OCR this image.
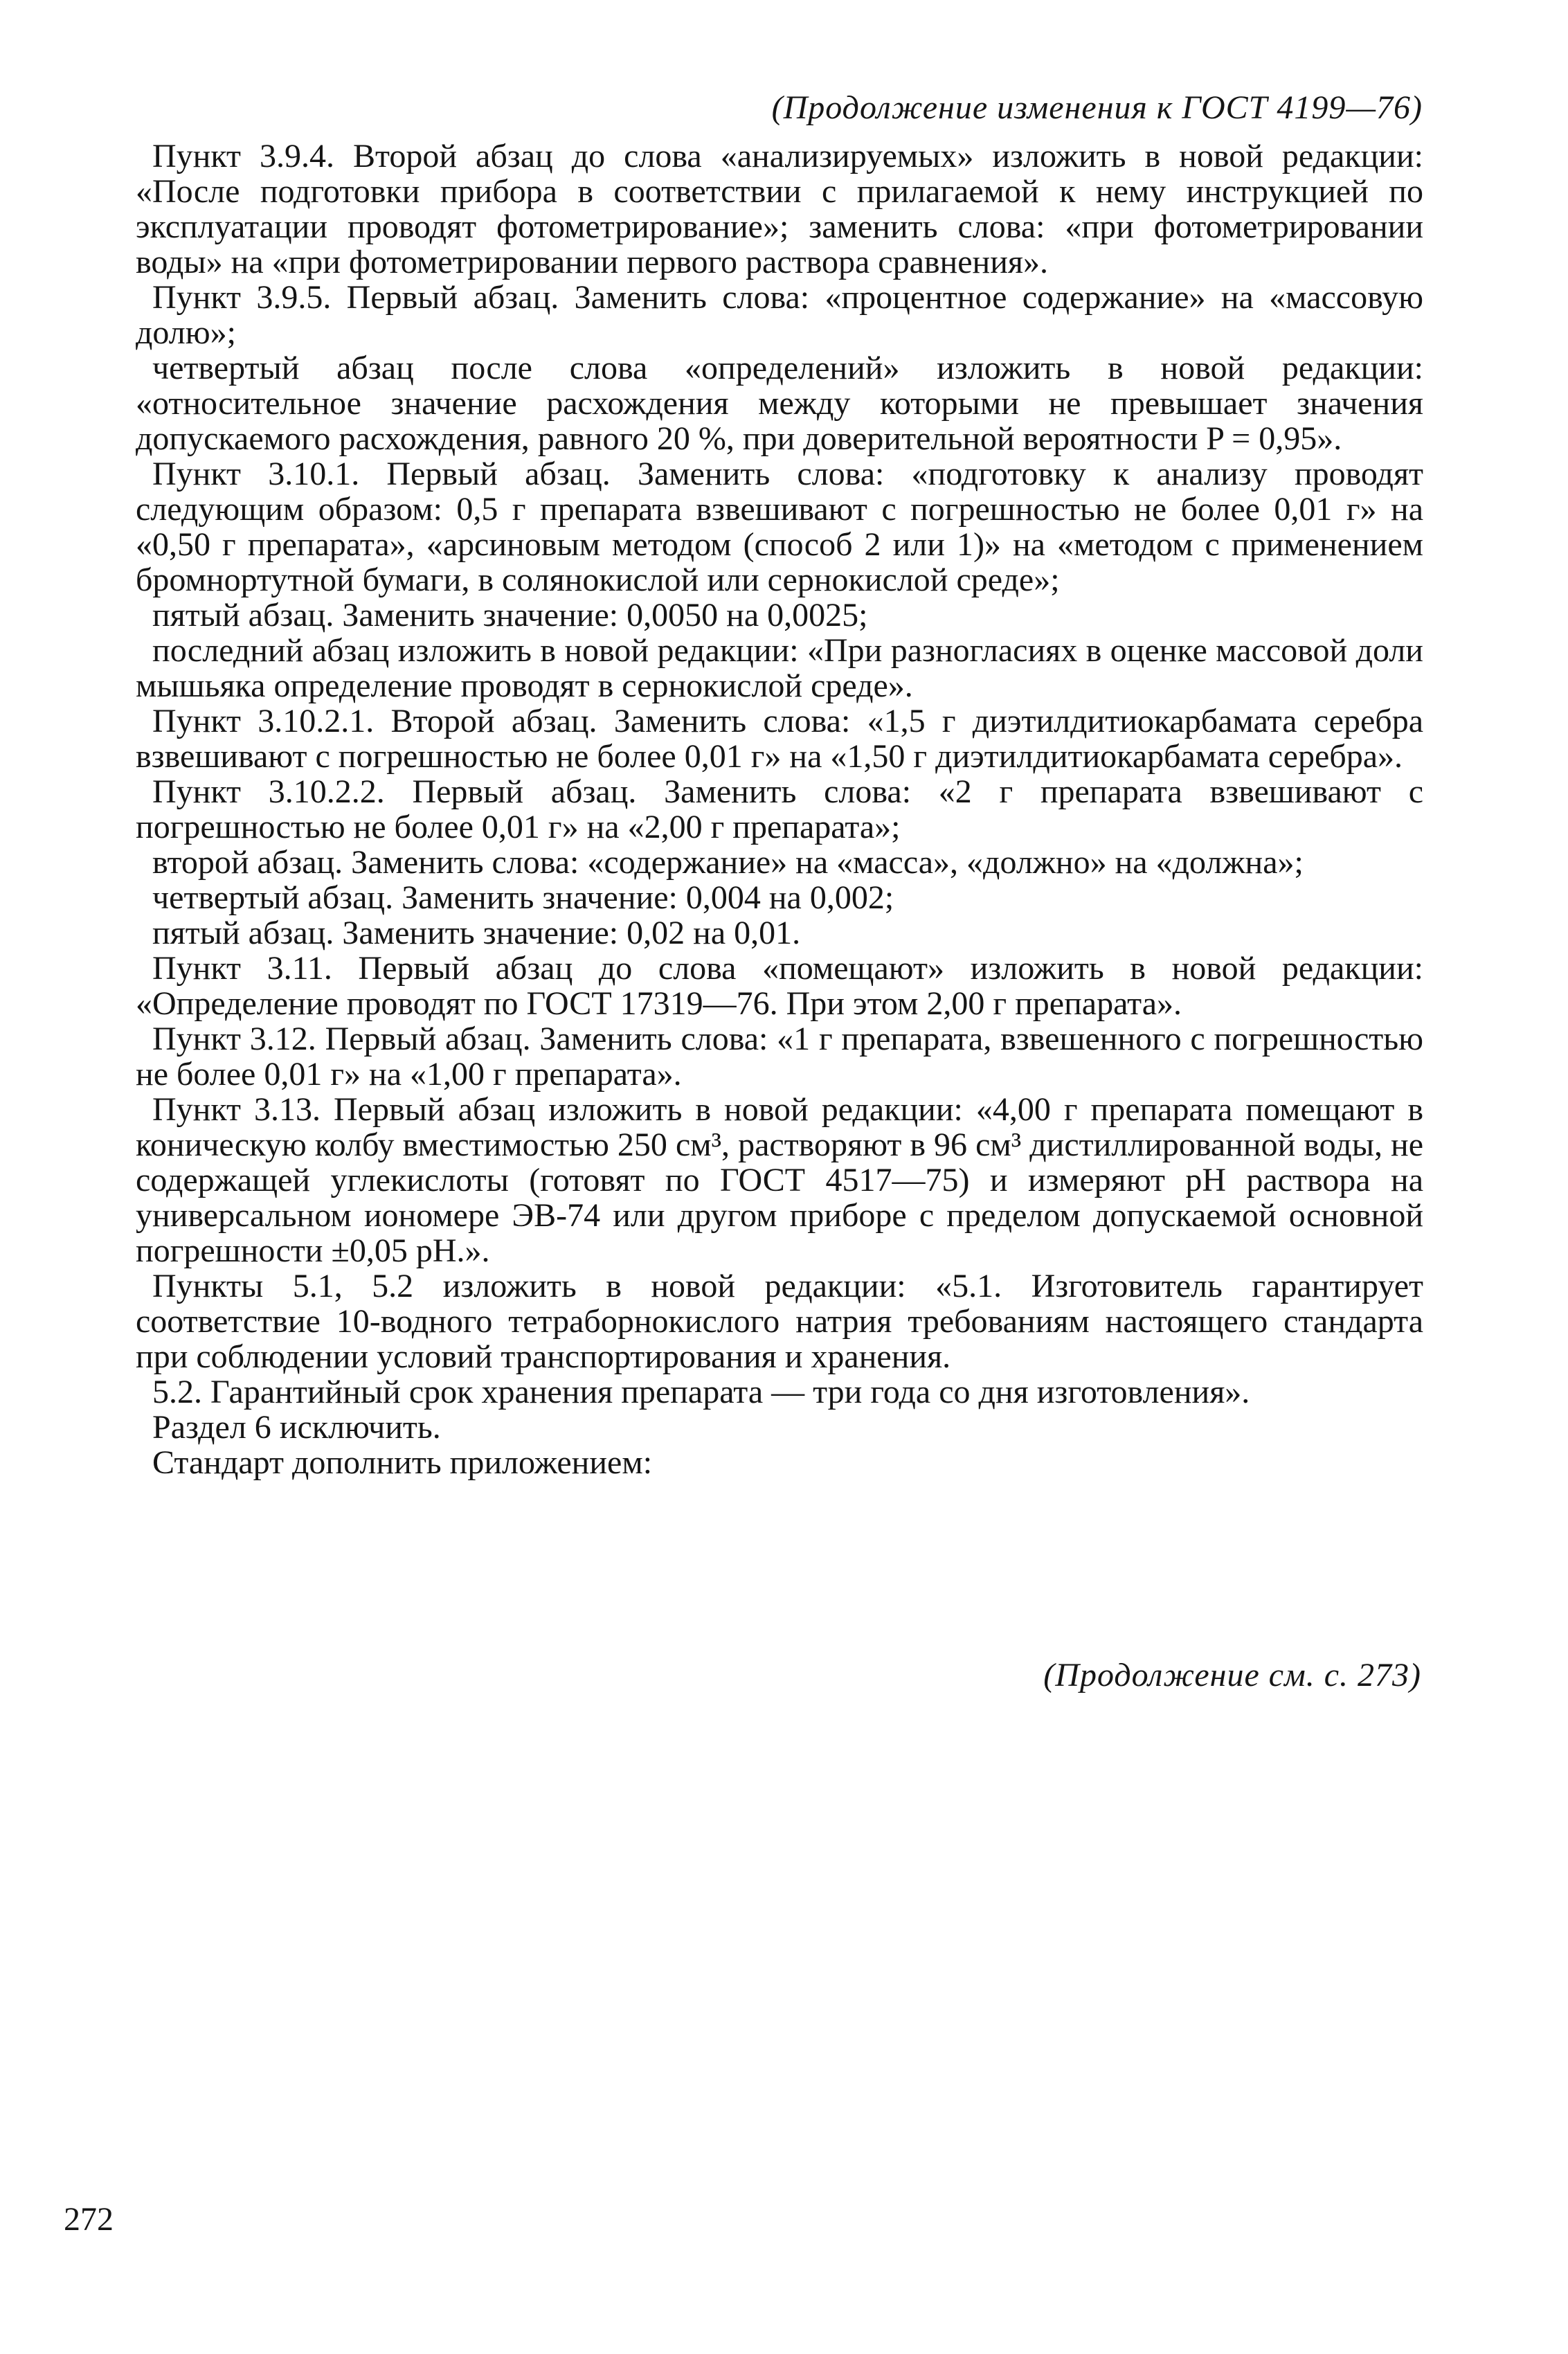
(Продолжение изменения к ГОСТ 4199—76)

Пункт 3.9.4. Второй абзац до слова «анализируемых» изложить в новой редакции: «После подготовки прибора в соответствии с прилагаемой к нему инструкцией по эксплуатации проводят фотометрирование»; заменить слова: «при фотометрировании воды» на «при фотометрировании первого раствора сравнения».

Пункт 3.9.5. Первый абзац. Заменить слова: «процентное содержание» на «массовую долю»;

четвертый абзац после слова «определений» изложить в новой редакции: «относительное значение расхождения между которыми не превышает значения допускаемого расхождения, равного 20 %, при доверительной вероятности P = 0,95».

Пункт 3.10.1. Первый абзац. Заменить слова: «подготовку к анализу проводят следующим образом: 0,5 г препарата взвешивают с погрешностью не более 0,01 г» на «0,50 г препарата», «арсиновым методом (способ 2 или 1)» на «методом с применением бромнортутной бумаги, в солянокислой или сернокислой среде»;

пятый абзац. Заменить значение: 0,0050 на 0,0025;

последний абзац изложить в новой редакции: «При разногласиях в оценке массовой доли мышьяка определение проводят в сернокислой среде».

Пункт 3.10.2.1. Второй абзац. Заменить слова: «1,5 г диэтилдитиокарбамата серебра взвешивают с погрешностью не более 0,01 г» на «1,50 г диэтилдитиокарбамата серебра».

Пункт 3.10.2.2. Первый абзац. Заменить слова: «2 г препарата взвешивают с погрешностью не более 0,01 г» на «2,00 г препарата»;

второй абзац. Заменить слова: «содержание» на «масса», «должно» на «должна»;

четвертый абзац. Заменить значение: 0,004 на 0,002;

пятый абзац. Заменить значение: 0,02 на 0,01.

Пункт 3.11. Первый абзац до слова «помещают» изложить в новой редакции: «Определение проводят по ГОСТ 17319—76. При этом 2,00 г препарата».

Пункт 3.12. Первый абзац. Заменить слова: «1 г препарата, взвешенного с погрешностью не более 0,01 г» на «1,00 г препарата».

Пункт 3.13. Первый абзац изложить в новой редакции: «4,00 г препарата помещают в коническую колбу вместимостью 250 см³, растворяют в 96 см³ дистиллированной воды, не содержащей углекислоты (готовят по ГОСТ 4517—75) и измеряют pH раствора на универсальном иономере ЭВ-74 или другом приборе с пределом допускаемой основной погрешности ±0,05 pH.».

Пункты 5.1, 5.2 изложить в новой редакции: «5.1. Изготовитель гарантирует соответствие 10-водного тетраборнокислого натрия требованиям настоящего стандарта при соблюдении условий транспортирования и хранения.

5.2. Гарантийный срок хранения препарата — три года со дня изготовления».

Раздел 6 исключить.

Стандарт дополнить приложением:

(Продолжение см. с. 273)
272
